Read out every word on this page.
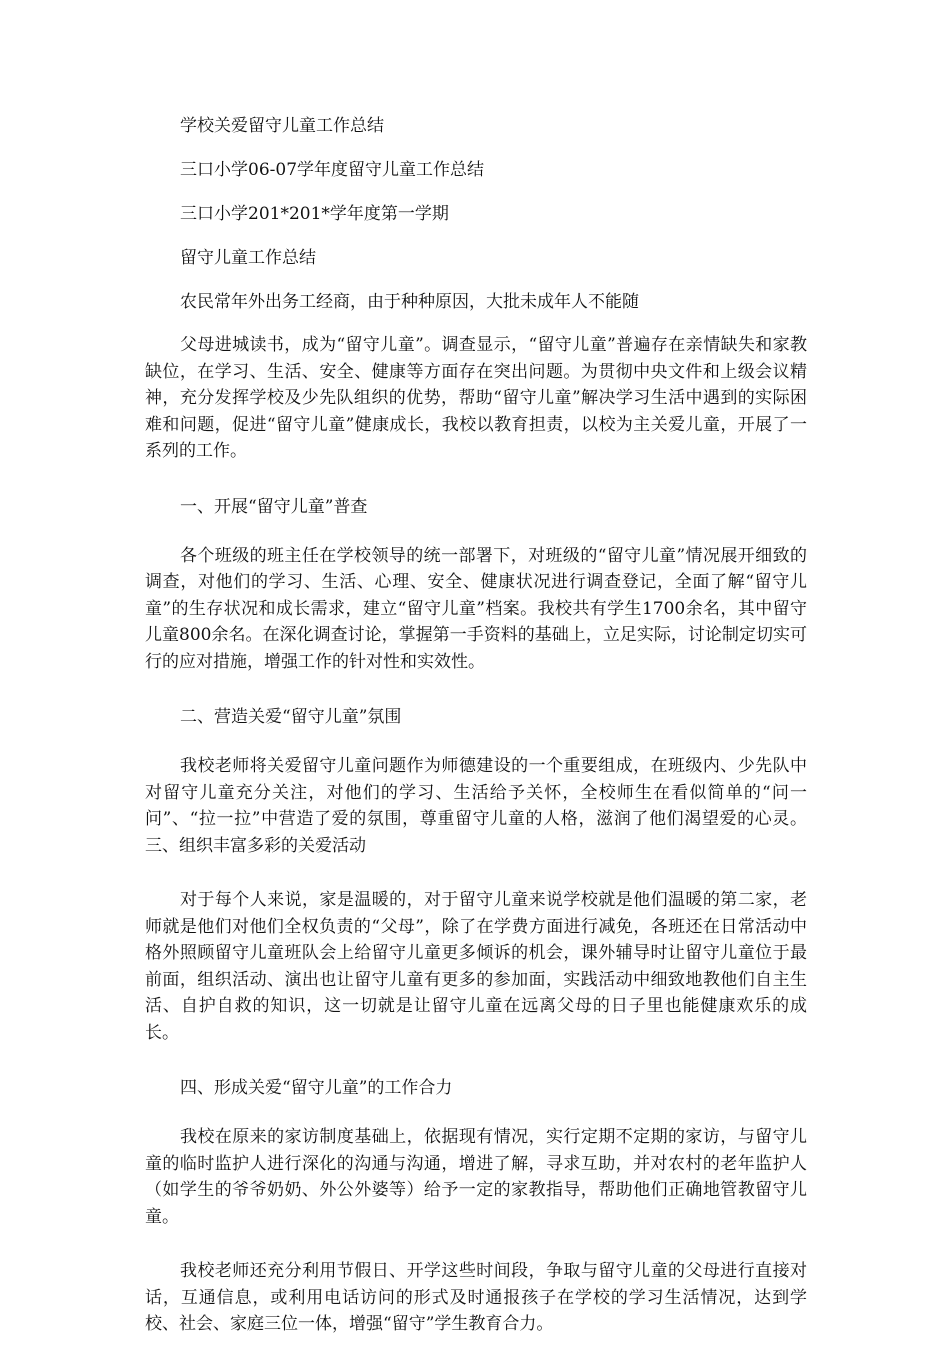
学校关爱留守儿童工作总结

三口小学06-07学年度留守儿童工作总结

三口小学201*201*学年度第一学期

留守儿童工作总结

农民常年外出务工经商，由于种种原因，大批未成年人不能随

父母进城读书，成为“留守儿童”。调查显示，“留守儿童”普遍存在亲情缺失和家教缺位，在学习、生活、安全、健康等方面存在突出问题。为贯彻中央文件和上级会议精神，充分发挥学校及少先队组织的优势，帮助“留守儿童”解决学习生活中遇到的实际困难和问题，促进“留守儿童”健康成长，我校以教育担责，以校为主关爱儿童，开展了一系列的工作。

一、开展“留守儿童”普查

各个班级的班主任在学校领导的统一部署下，对班级的“留守儿童”情况展开细致的调查，对他们的学习、生活、心理、安全、健康状况进行调查登记，全面了解“留守儿童”的生存状况和成长需求，建立“留守儿童”档案。我校共有学生1700余名，其中留守儿童800余名。在深化调查讨论，掌握第一手资料的基础上，立足实际，讨论制定切实可行的应对措施，增强工作的针对性和实效性。

二、营造关爱“留守儿童”氛围

我校老师将关爱留守儿童问题作为师德建设的一个重要组成，在班级内、少先队中对留守儿童充分关注，对他们的学习、生活给予关怀，全校师生在看似简单的“问一问”、“拉一拉”中营造了爱的氛围，尊重留守儿童的人格，滋润了他们渴望爱的心灵。三、组织丰富多彩的关爱活动

对于每个人来说，家是温暖的，对于留守儿童来说学校就是他们温暖的第二家，老师就是他们对他们全权负责的“父母”，除了在学费方面进行减免，各班还在日常活动中格外照顾留守儿童班队会上给留守儿童更多倾诉的机会，课外辅导时让留守儿童位于最前面，组织活动、演出也让留守儿童有更多的参加面，实践活动中细致地教他们自主生活、自护自救的知识，这一切就是让留守儿童在远离父母的日子里也能健康欢乐的成长。

四、形成关爱“留守儿童”的工作合力

我校在原来的家访制度基础上，依据现有情况，实行定期不定期的家访，与留守儿童的临时监护人进行深化的沟通与沟通，增进了解，寻求互助，并对农村的老年监护人（如学生的爷爷奶奶、外公外婆等）给予一定的家教指导，帮助他们正确地管教留守儿童。

我校老师还充分利用节假日、开学这些时间段，争取与留守儿童的父母进行直接对话，互通信息，或利用电话访问的形式及时通报孩子在学校的学习生活情况，达到学校、社会、家庭三位一体，增强“留守”学生教育合力。
